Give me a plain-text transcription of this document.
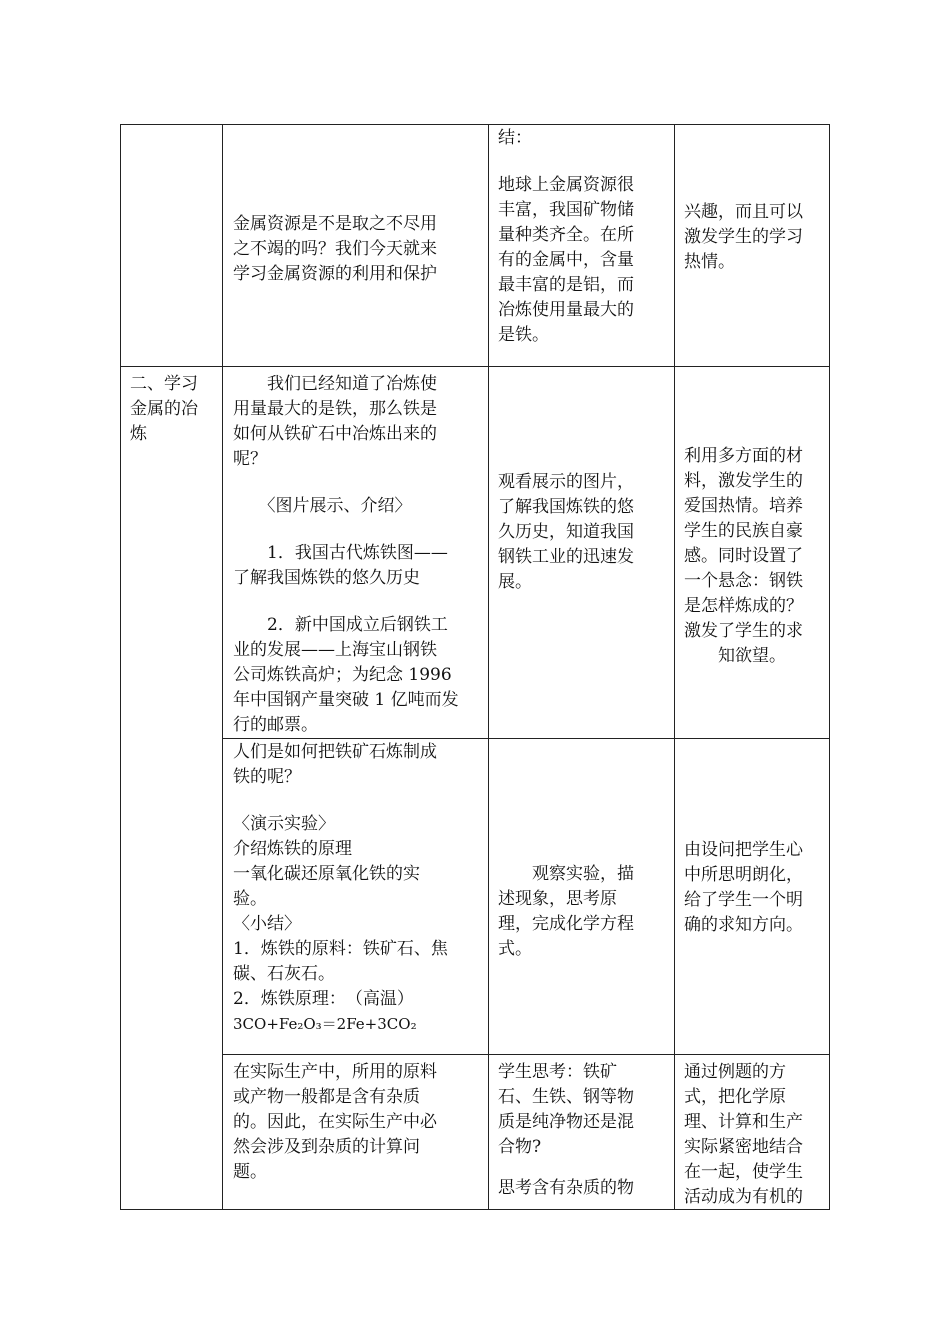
金属资源是不是取之不尽用

之不竭的吗？我们今天就来

学习金属资源的利用和保护

结：

地球上金属资源很

丰富，我国矿物储

量种类齐全。在所

有的金属中，含量

最丰富的是铝，而

冶炼使用量最大的

是铁。

兴趣，而且可以

激发学生的学习

热情。

二、学习

金属的冶

炼

　　我们已经知道了冶炼使

用量最大的是铁，那么铁是

如何从铁矿石中冶炼出来的

呢？

　　〈图片展示、介绍〉

　　1．我国古代炼铁图——

了解我国炼铁的悠久历史

　　2．新中国成立后钢铁工

业的发展——上海宝山钢铁

公司炼铁高炉；为纪念 1996

年中国钢产量突破 1 亿吨而发

行的邮票。

观看展示的图片，

了解我国炼铁的悠

久历史，知道我国

钢铁工业的迅速发

展。

利用多方面的材

料，激发学生的

爱国热情。培养

学生的民族自豪

感。同时设置了

一个悬念：钢铁

是怎样炼成的？

激发了学生的求

　　知欲望。

人们是如何把铁矿石炼制成

铁的呢？

〈演示实验〉

介绍炼铁的原理

一氧化碳还原氧化铁的实

验。

〈小结〉

1．炼铁的原料：铁矿石、焦

碳、石灰石。

2．炼铁原理：　（高温）

3CO+Fe₂O₃＝2Fe+3CO₂

　　观察实验，描

述现象，思考原

理，完成化学方程

式。

由设问把学生心

中所思明朗化，

给了学生一个明

确的求知方向。

在实际生产中，所用的原料

或产物一般都是含有杂质

的。因此，在实际生产中必

然会涉及到杂质的计算问

题。

学生思考：铁矿

石、生铁、钢等物

质是纯净物还是混

合物?

思考含有杂质的物

通过例题的方

式，把化学原

理、计算和生产

实际紧密地结合

在一起，使学生

活动成为有机的
